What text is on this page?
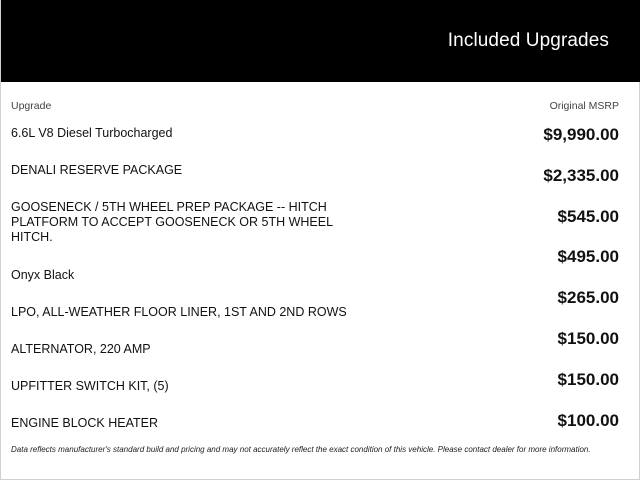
Included Upgrades
Upgrade	Original MSRP
6.6L V8 Diesel Turbocharged
DENALI RESERVE PACKAGE
GOOSENECK / 5TH WHEEL PREP PACKAGE -- HITCH PLATFORM TO ACCEPT GOOSENECK OR 5TH WHEEL HITCH.
Onyx Black
LPO, ALL-WEATHER FLOOR LINER, 1ST AND 2ND ROWS
ALTERNATOR, 220 AMP
UPFITTER SWITCH KIT, (5)
ENGINE BLOCK HEATER
$9,990.00
$2,335.00
$545.00
$495.00
$265.00
$150.00
$150.00
$100.00
Data reflects manufacturer's standard build and pricing and may not accurately reflect the exact condition of this vehicle. Please contact dealer for more information.
